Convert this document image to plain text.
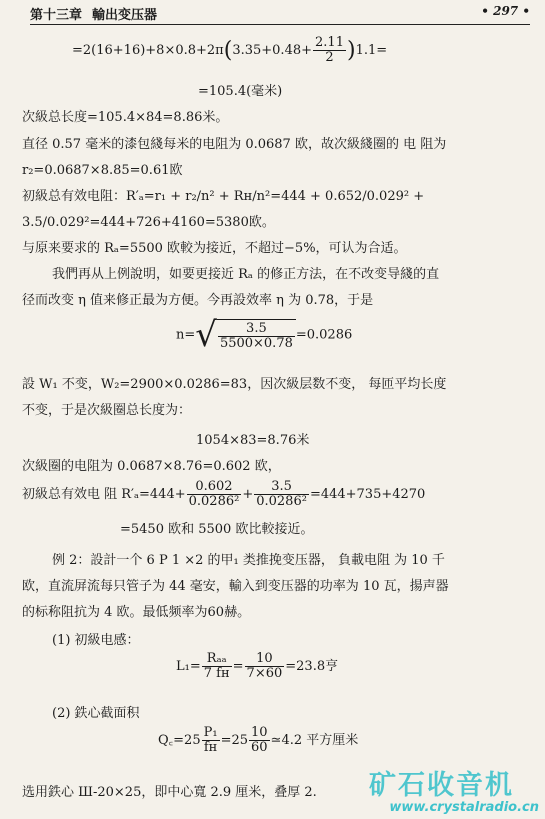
第十三章 輸出变压器	• 297 •
$=2(16+16)+8\times 0.8+2\pi(3.35+0.48+ \frac{2.11}{2} )1.1=$
=105.4(毫米)
次級总长度=105.4×84=8.86米。
直径 0.57 毫米的漆包綫每米的电阻为 0.0687 欧，故次級綫圈的 电 阻为
r₂=0.0687×8.85=0.61欧
初級总有效电阻：R′ₐ=r₁ + r₂/n² + Rн/n²=444 + 0.652/0.029² +
3.5/0.029²=444+726+4160=5380欧。
与原来要求的 Rₐ=5500 欧較为接近，不超过−5%，可认为合适。
我們再从上例說明，如要更接近 Rₐ 的修正方法，在不改变导綫的直
径而改变 η 值来修正最为方便。今再設效率 η 为 0.78，于是
$n=√ \frac{3.5}{5500\times 0.78} =0.0286$
設 W₁ 不变，W₂=2900×0.0286=83，因次級层数不变， 每匝平均长度
不变，于是次級圈总长度为：
1054×83=8.76米
次級圈的电阻为 0.0687×8.76=0.602 欧，
初級总有效电 阻 $R'_a=444+ \frac{0.602}{\text{0.0286²}} + \frac{3.5}{\text{0.0286²}} =444+735+4270$
=5450 欧和 5500 欧比較接近。
例 2：設計一个 6 P 1 ×2 的甲₁ 类推挽变压器， 負載电阻 为 10 千
欧，直流屏流每只管子为 44 毫安，輸入到变压器的功率为 10 瓦，揚声器
的标称阻抗为 4 欧。最低频率为60赫。
(1) 初級电感：
$L_1= \frac{\text{Rₐₐ}}{7 fн} = \frac{10}{7\times 60} =23.8$亨
(2) 鉄心截面积
Q꜀=25 $\frac{\text{P₁}}{fн} =25 \frac{10}{60}$ ≃4.2 平方厘米
选用鉄心 Ш-20×25，即中心寬 2.9 厘米，叠厚 2. 矿石收音机
www.crystalradio.cn
